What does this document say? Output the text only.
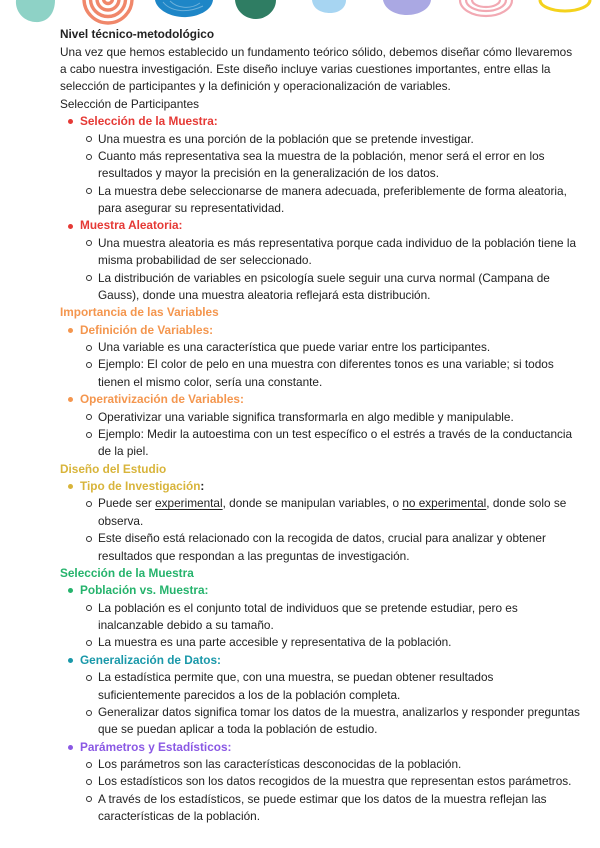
Nivel técnico-metodológico

Una vez que hemos establecido un fundamento teórico sólido, debemos diseñar cómo llevaremos
a cabo nuestra investigación. Este diseño incluye varias cuestiones importantes, entre ellas la
selección de participantes y la definición y operacionalización de variables.

Selección de Participantes
Selección de la Muestra:
Una muestra es una porción de la población que se pretende investigar.
Cuanto más representativa sea la muestra de la población, menor será el error en los
resultados y mayor la precisión en la generalización de los datos.
La muestra debe seleccionarse de manera adecuada, preferiblemente de forma aleatoria,
para asegurar su representatividad.
Muestra Aleatoria:
Una muestra aleatoria es más representativa porque cada individuo de la población tiene la
misma probabilidad de ser seleccionado.
La distribución de variables en psicología suele seguir una curva normal (Campana de
Gauss), donde una muestra aleatoria reflejará esta distribución.
Importancia de las Variables
Definición de Variables:
Una variable es una característica que puede variar entre los participantes.
Ejemplo: El color de pelo en una muestra con diferentes tonos es una variable; si todos
tienen el mismo color, sería una constante.
Operativización de Variables:
Operativizar una variable significa transformarla en algo medible y manipulable.
Ejemplo: Medir la autoestima con un test específico o el estrés a través de la conductancia
de la piel.
Diseño del Estudio
Tipo de Investigación:
Puede ser experimental, donde se manipulan variables, o no experimental, donde solo se
observa.
Este diseño está relacionado con la recogida de datos, crucial para analizar y obtener
resultados que respondan a las preguntas de investigación.
Selección de la Muestra
Población vs. Muestra:
La población es el conjunto total de individuos que se pretende estudiar, pero es
inalcanzable debido a su tamaño.
La muestra es una parte accesible y representativa de la población.
Generalización de Datos:
La estadística permite que, con una muestra, se puedan obtener resultados
suficientemente parecidos a los de la población completa.
Generalizar datos significa tomar los datos de la muestra, analizarlos y responder preguntas
que se puedan aplicar a toda la población de estudio.
Parámetros y Estadísticos:
Los parámetros son las características desconocidas de la población.
Los estadísticos son los datos recogidos de la muestra que representan estos parámetros.
A través de los estadísticos, se puede estimar que los datos de la muestra reflejan las
características de la población.
